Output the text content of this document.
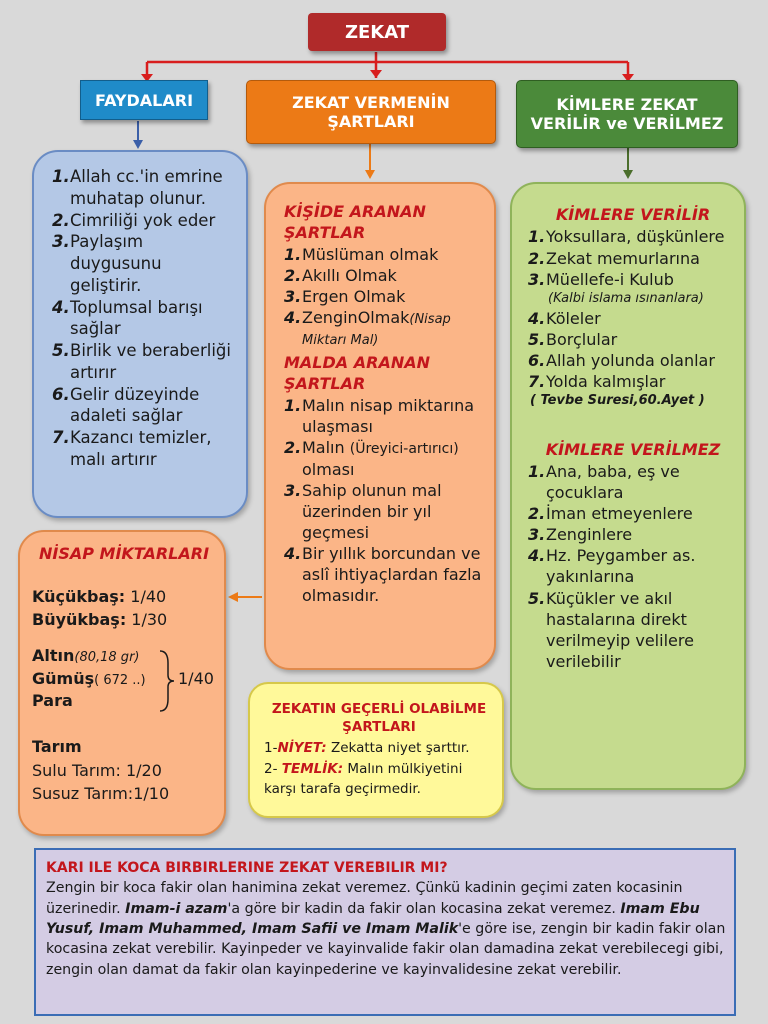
ZEKAT
FAYDALARI	ZEKAT VERMENİN
ŞARTLARI
KİMLERE ZEKAT
VERİLİR ve VERİLMEZ
1. Allah cc.'in emrine muhatap olunur.
2. Cimriliği yok eder
3. Paylaşım duygusunu geliştirir.
4. Toplumsal barışı sağlar
5. Birlik ve beraberliği artırır
6. Gelir düzeyinde adaleti sağlar
7. Kazancı temizler, malı artırır
KİŞİDE ARANAN ŞARTLAR
1. Müslüman olmak
2. Akıllı Olmak
3. Ergen Olmak
4. ZenginOlmak(Nisap Miktarı Mal)
MALDA ARANAN ŞARTLAR
1. Malın nisap miktarına ulaşması
2. Malın (Üreyici-artırıcı) olması
3. Sahip olunun mal üzerinden bir yıl geçmesi
4. Bir yıllık borcundan ve aslî ihtiyaçlardan fazla olmasıdır.
KİMLERE VERİLİR
1. Yoksullara, düşkünlere
2. Zekat memurlarına
3. Müellefe-i Kulub
(Kalbi islama ısınanlara)
4. Köleler
5. Borçlular
6. Allah yolunda olanlar
7. Yolda kalmışlar
( Tevbe Suresi,60.Ayet )
KİMLERE VERİLMEZ
1. Ana, baba, eş ve çocuklara
2. İman etmeyenlere
3. Zenginlere
4. Hz. Peygamber as. yakınlarına
5. Küçükler ve akıl hastalarına direkt verilmeyip velilere verilebilir
NİSAP MİKTARLARI
Küçükbaş: 1/40
Büyükbaş: 1/30
Altın(80,18 gr)
Gümüş( 672 ..)
Para
1/40
Tarım
Sulu Tarım: 1/20
Susuz Tarım:1/10
ZEKATIN GEÇERLİ OLABİLME
ŞARTLARI
1-NİYET: Zekatta niyet şarttır.
2- TEMLİK: Malın mülkiyetini karşı tarafa geçirmedir.
KARI ILE KOCA BIRBIRLERINE ZEKAT VEREBILIR MI?
Zengin bir koca fakir olan hanimina zekat veremez. Çünkü kadinin geçimi zaten kocasinin üzerinedir. Imam-i azam'a göre bir kadin da fakir olan kocasina zekat veremez. Imam Ebu Yusuf, Imam Muhammed, Imam Safii ve Imam Malik'e göre ise, zengin bir kadin fakir olan kocasina zekat verebilir. Kayinpeder ve kayinvalide fakir olan damadina zekat verebilecegi gibi, zengin olan damat da fakir olan kayinpederine ve kayinvalidesine zekat verebilir.
